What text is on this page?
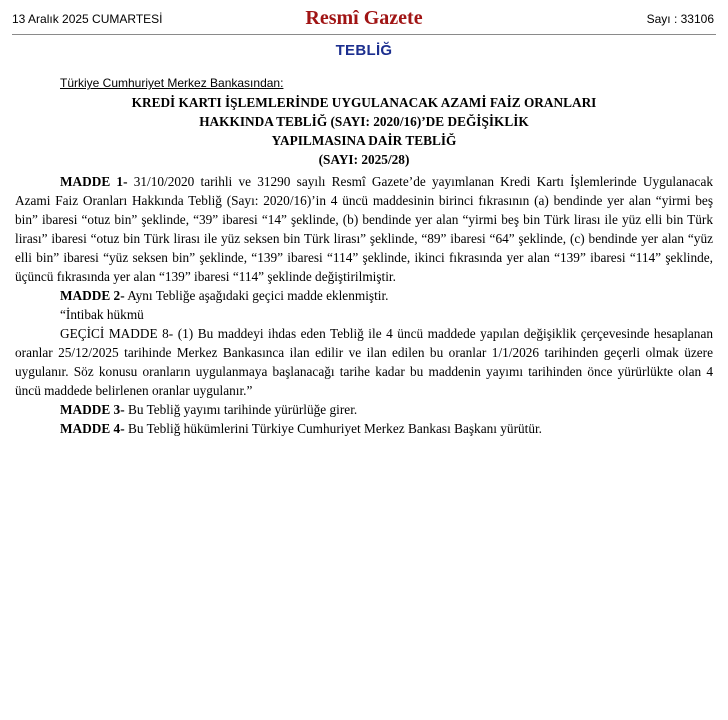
13 Aralık 2025 CUMARTESİ	Resmî Gazete	Sayı : 33106
TEBLİĞ
Türkiye Cumhuriyet Merkez Bankasından:
KREDİ KARTI İŞLEMLERİNDE UYGULANACAK AZAMİ FAİZ ORANLARI
HAKKINDA TEBLİĞ (SAYI: 2020/16)’DE DEĞİŞİKLİK
YAPILMASINA DAİR TEBLİĞ
(SAYI: 2025/28)

MADDE 1- 31/10/2020 tarihli ve 31290 sayılı Resmî Gazete’de yayımlanan Kredi Kartı İşlemlerinde Uygulanacak Azami Faiz Oranları Hakkında Tebliğ (Sayı: 2020/16)’in 4 üncü maddesinin birinci fıkrasının (a) bendinde yer alan “yirmi beş bin” ibaresi “otuz bin” şeklinde, “39” ibaresi “14” şeklinde, (b) bendinde yer alan “yirmi beş bin Türk lirası ile yüz elli bin Türk lirası” ibaresi “otuz bin Türk lirası ile yüz seksen bin Türk lirası” şeklinde, “89” ibaresi “64” şeklinde, (c) bendinde yer alan “yüz elli bin” ibaresi “yüz seksen bin” şeklinde, “139” ibaresi “114” şeklinde, ikinci fıkrasında yer alan “139” ibaresi “114” şeklinde, üçüncü fıkrasında yer alan “139” ibaresi “114” şeklinde değiştirilmiştir.

MADDE 2- Aynı Tebliğe aşağıdaki geçici madde eklenmiştir.

“İntibak hükmü

GEÇİCİ MADDE 8- (1) Bu maddeyi ihdas eden Tebliğ ile 4 üncü maddede yapılan değişiklik çerçevesinde hesaplanan oranlar 25/12/2025 tarihinde Merkez Bankasınca ilan edilir ve ilan edilen bu oranlar 1/1/2026 tarihinden geçerli olmak üzere uygulanır. Söz konusu oranların uygulanmaya başlanacağı tarihe kadar bu maddenin yayımı tarihinden önce yürürlükte olan 4 üncü maddede belirlenen oranlar uygulanır.”

MADDE 3- Bu Tebliğ yayımı tarihinde yürürlüğe girer.

MADDE 4- Bu Tebliğ hükümlerini Türkiye Cumhuriyet Merkez Bankası Başkanı yürütür.
